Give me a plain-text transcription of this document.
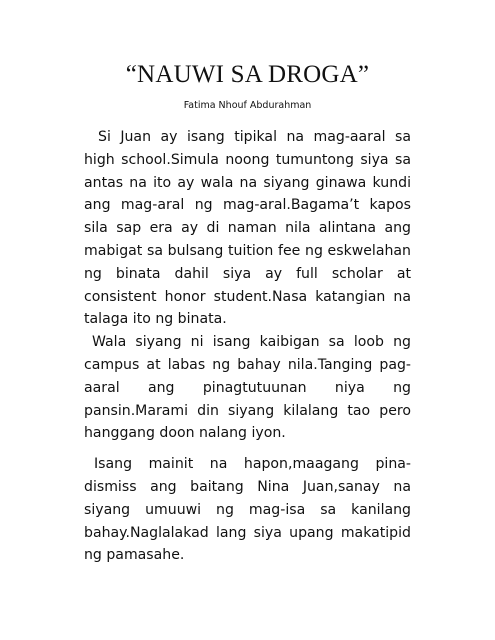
“NAUWI SA DROGA”
Fatima Nhouf Abdurahman

Si Juan ay isang tipikal na mag-aaral sa high school.Simula noong tumuntong siya sa antas na ito ay wala na siyang ginawa kundi ang mag-aral ng mag-aral.Bagama’t kapos sila sap era ay di naman nila alintana ang mabigat sa bulsang tuition fee ng eskwelahan ng binata dahil siya ay full scholar at consistent honor student.Nasa katangian na talaga ito ng binata.

Wala siyang ni isang kaibigan sa loob ng campus at labas ng bahay nila.Tanging pag-aaral ang pinagtutuunan niya ng pansin.Marami din siyang kilalang tao pero hanggang doon nalang iyon.

Isang mainit na hapon,maagang pina-dismiss ang baitang Nina Juan,sanay na siyang umuuwi ng mag-isa sa kanilang bahay.Naglalakad lang siya upang makatipid ng pamasahe.
